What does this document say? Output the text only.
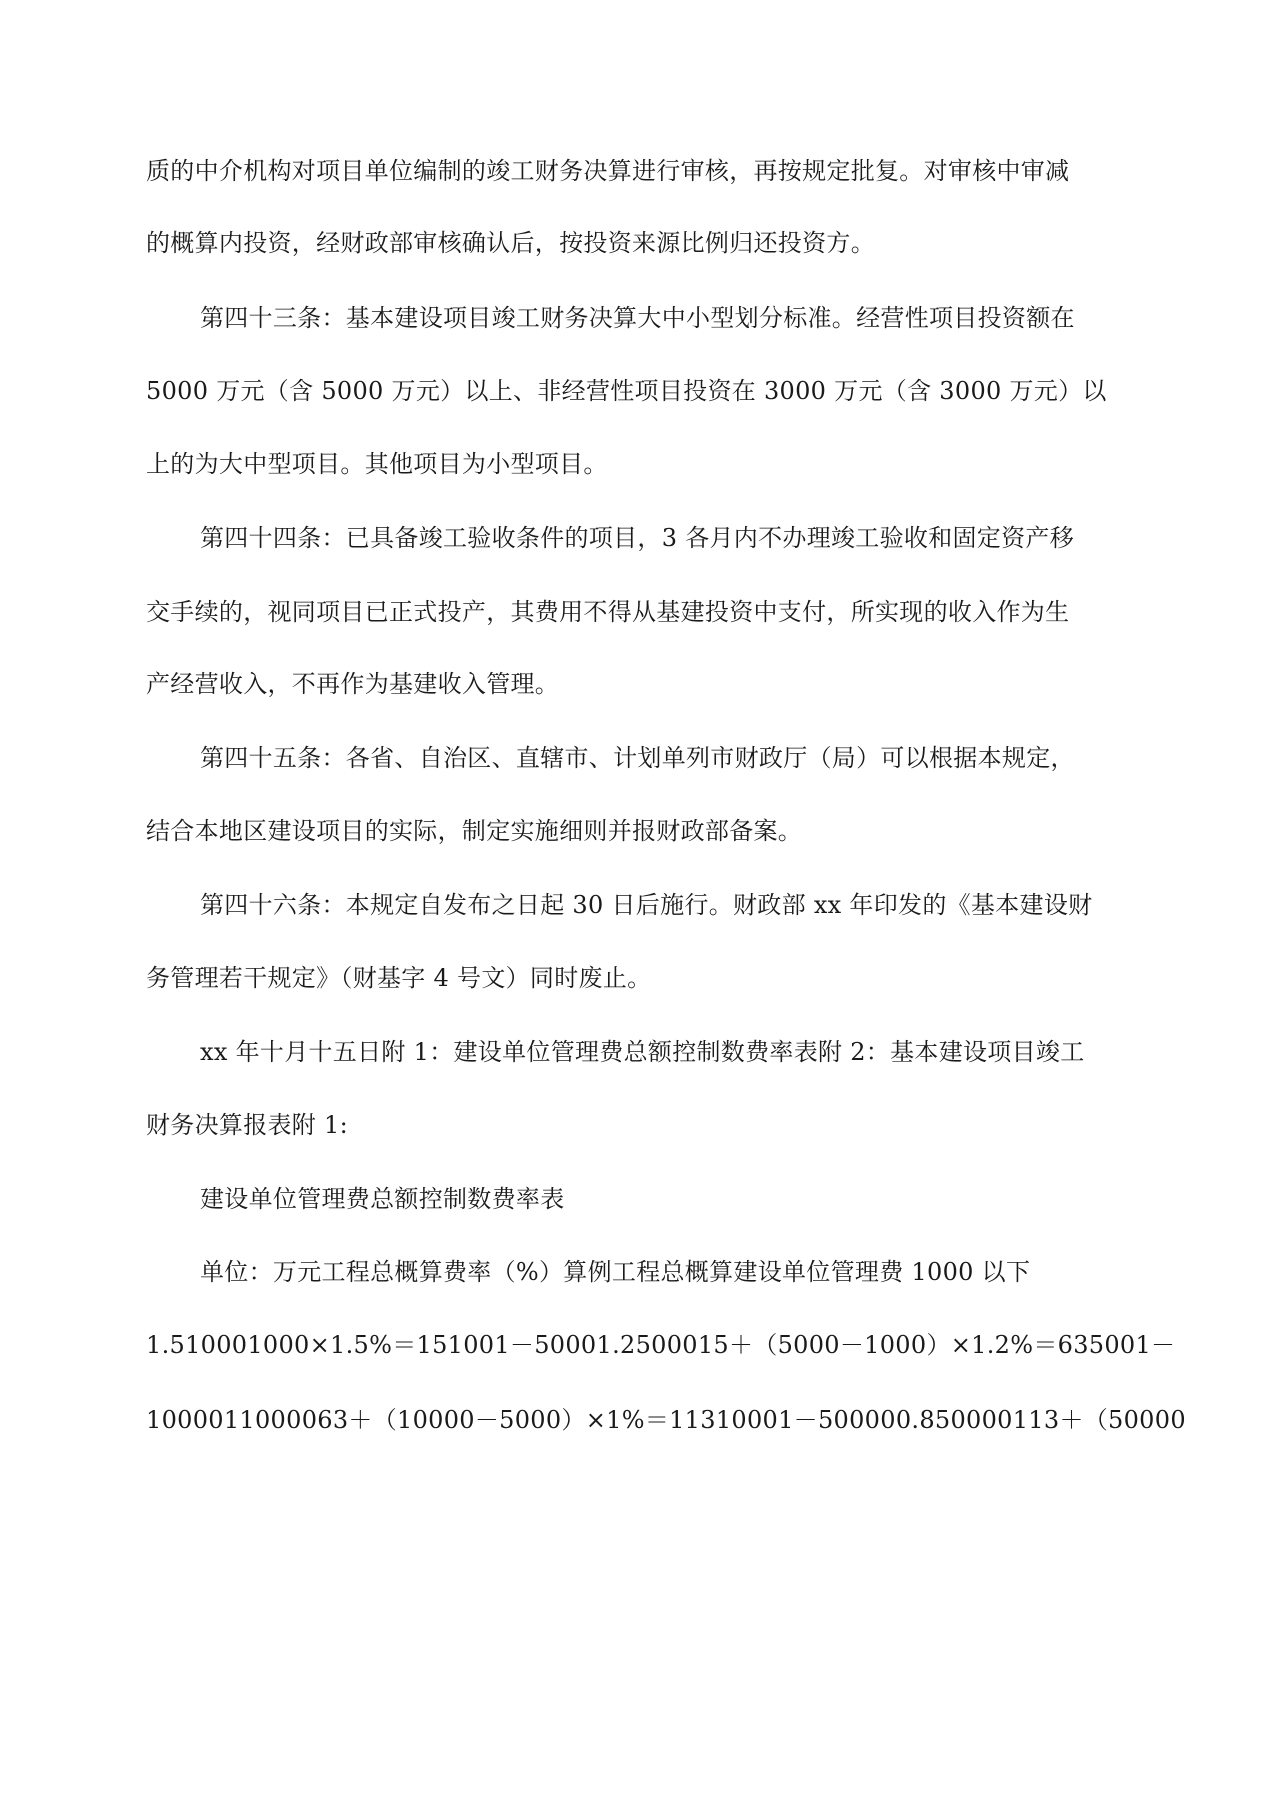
质的中介机构对项目单位编制的竣工财务决算进行审核，再按规定批复。对审核中审减
的概算内投资，经财政部审核确认后，按投资来源比例归还投资方。
第四十三条：基本建设项目竣工财务决算大中小型划分标准。经营性项目投资额在
5000 万元（含 5000 万元）以上、非经营性项目投资在 3000 万元（含 3000 万元）以
上的为大中型项目。其他项目为小型项目。
第四十四条：已具备竣工验收条件的项目，3 各月内不办理竣工验收和固定资产移
交手续的，视同项目已正式投产，其费用不得从基建投资中支付，所实现的收入作为生
产经营收入，不再作为基建收入管理。
第四十五条：各省、自治区、直辖市、计划单列市财政厅（局）可以根据本规定，
结合本地区建设项目的实际，制定实施细则并报财政部备案。
第四十六条：本规定自发布之日起 30 日后施行。财政部 xx 年印发的《基本建设财
务管理若干规定》（财基字 4 号文）同时废止。
xx 年十月十五日附 1：建设单位管理费总额控制数费率表附 2：基本建设项目竣工
财务决算报表附 1:
建设单位管理费总额控制数费率表
单位：万元工程总概算费率（%）算例工程总概算建设单位管理费 1000 以下
1.510001000×1.5%＝151001－50001.2500015＋（5000－1000）×1.2%＝635001－
1000011000063＋（10000－5000）×1%＝11310001－500000.850000113＋（50000
